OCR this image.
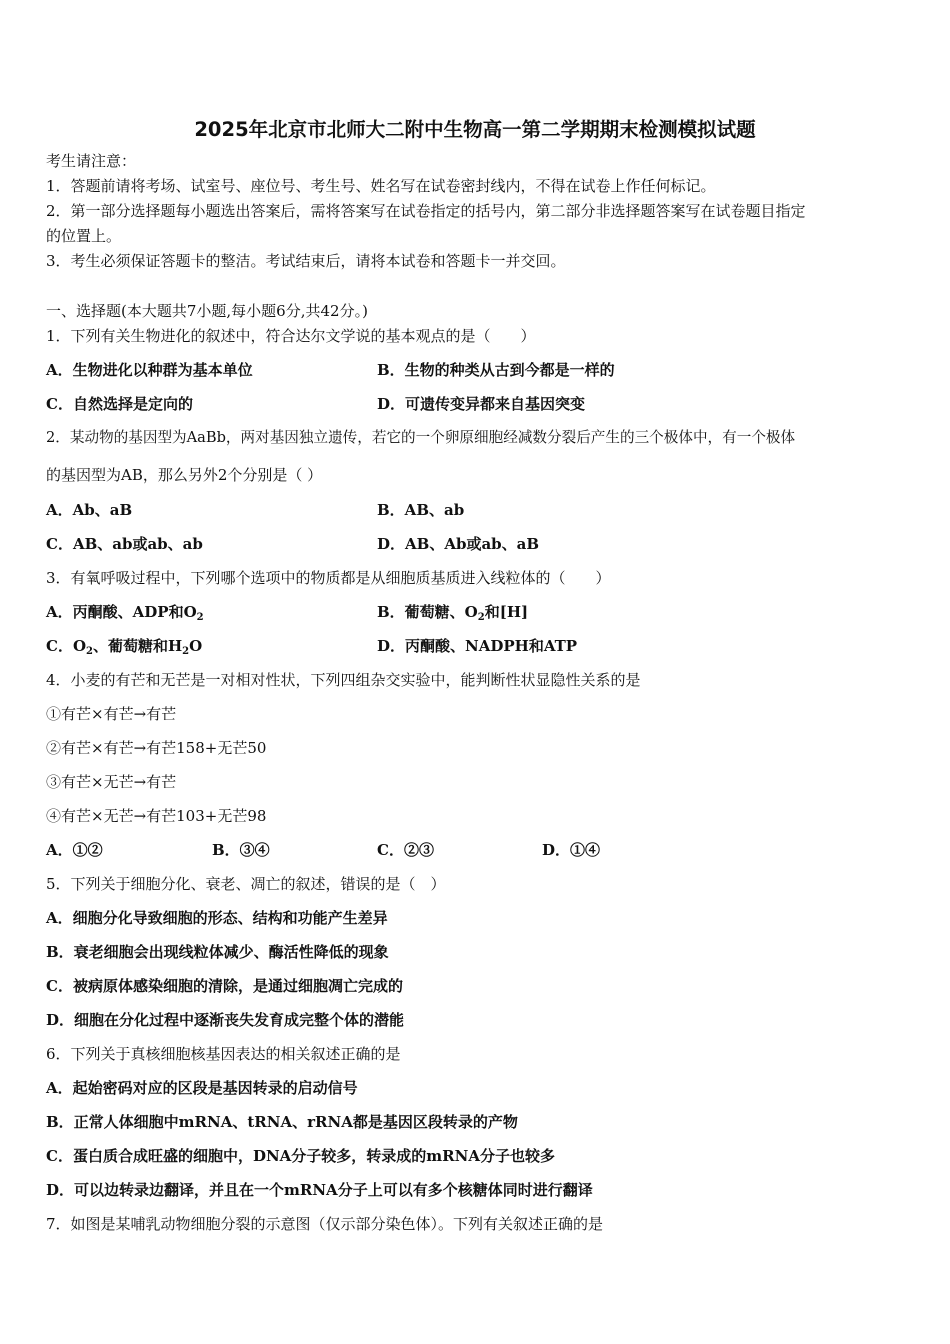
2025年北京市北师大二附中生物高一第二学期期末检测模拟试题
考生请注意：
1．答题前请将考场、试室号、座位号、考生号、姓名写在试卷密封线内，不得在试卷上作任何标记。
2．第一部分选择题每小题选出答案后，需将答案写在试卷指定的括号内，第二部分非选择题答案写在试卷题目指定
的位置上。
3．考生必须保证答题卡的整洁。考试结束后，请将本试卷和答题卡一并交回。
一、选择题(本大题共7小题,每小题6分,共42分。)
1．下列有关生物进化的叙述中，符合达尔文学说的基本观点的是（　　）
A．生物进化以种群为基本单位	B．生物的种类从古到今都是一样的
C．自然选择是定向的	D．可遗传变异都来自基因突变
2．某动物的基因型为AaBb，两对基因独立遗传，若它的一个卵原细胞经减数分裂后产生的三个极体中，有一个极体
的基因型为AB，那么另外2个分别是（ ）
A．Ab、aB	B．AB、ab
C．AB、ab或ab、ab	D．AB、Ab或ab、aB
3．有氧呼吸过程中，下列哪个选项中的物质都是从细胞质基质进入线粒体的（　　）
A．丙酮酸、ADP和$O_2$	B．葡萄糖、$O_2$和[H]
C．$O_2$、葡萄糖和$H_2O$	D．丙酮酸、NADPH和ATP
4．小麦的有芒和无芒是一对相对性状，下列四组杂交实验中，能判断性状显隐性关系的是
①有芒×有芒→有芒
②有芒×有芒→有芒158+无芒50
③有芒×无芒→有芒
④有芒×无芒→有芒103+无芒98
A．①②	B．③④	C．②③	D．①④
5．下列关于细胞分化、衰老、凋亡的叙述，错误的是（　）
A．细胞分化导致细胞的形态、结构和功能产生差异
B．衰老细胞会出现线粒体减少、酶活性降低的现象
C．被病原体感染细胞的清除，是通过细胞凋亡完成的
D．细胞在分化过程中逐渐丧失发育成完整个体的潜能
6．下列关于真核细胞核基因表达的相关叙述正确的是
A．起始密码对应的区段是基因转录的启动信号
B．正常人体细胞中mRNA、tRNA、rRNA都是基因区段转录的产物
C．蛋白质合成旺盛的细胞中，DNA分子较多，转录成的mRNA分子也较多
D．可以边转录边翻译，并且在一个mRNA分子上可以有多个核糖体同时进行翻译
7．如图是某哺乳动物细胞分裂的示意图（仅示部分染色体）。下列有关叙述正确的是
